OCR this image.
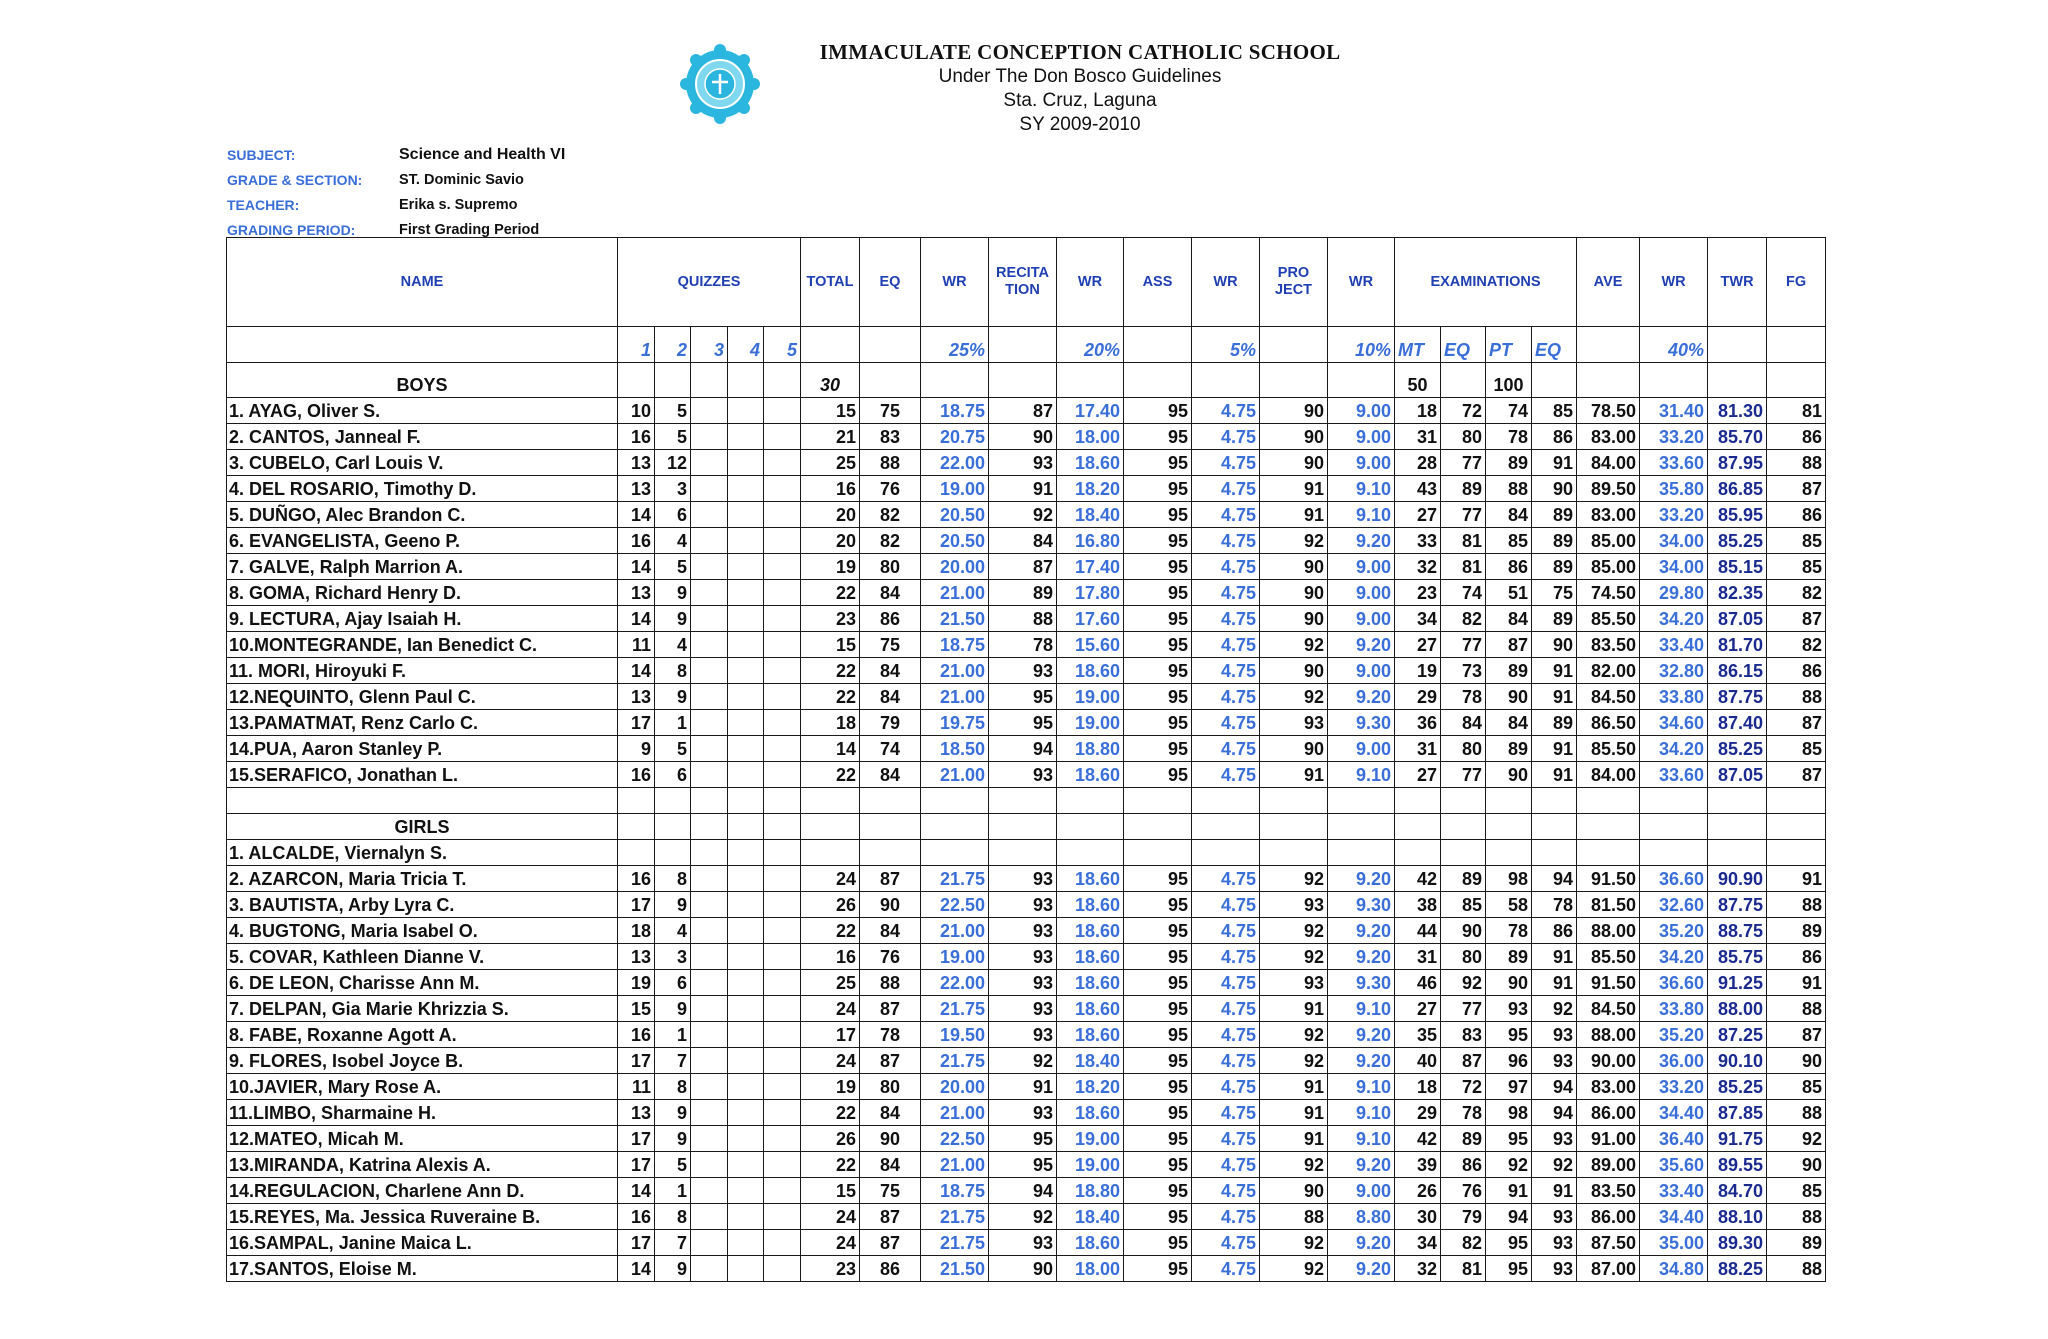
IMMACULATE CONCEPTION CATHOLIC SCHOOL
Under The Don Bosco Guidelines
Sta. Cruz, Laguna
SY 2009-2010
SUBJECT:	Science and Health VI
GRADE & SECTION:	ST. Dominic Savio
TEACHER:	Erika s. Supremo
GRADING PERIOD:	First Grading Period
NAME	QUIZZES					TOTAL	EQ	WR	RECITA TION	WR	ASS	WR	PRO JECT	WR	EXAMINATIONS				AVE	WR	TWR	FG
	1	2	3	4	5			25%		20%		5%		10%	MT	EQ	PT	EQ		40%		
BOYS						30									50		100					
1. AYAG, Oliver S.	10	5				15	75	18.75	87	17.40	95	4.75	90	9.00	18	72	74	85	78.50	31.40	81.30	81
2. CANTOS, Janneal F.	16	5				21	83	20.75	90	18.00	95	4.75	90	9.00	31	80	78	86	83.00	33.20	85.70	86
3. CUBELO, Carl Louis V.	13	12				25	88	22.00	93	18.60	95	4.75	90	9.00	28	77	89	91	84.00	33.60	87.95	88
4. DEL ROSARIO, Timothy D.	13	3				16	76	19.00	91	18.20	95	4.75	91	9.10	43	89	88	90	89.50	35.80	86.85	87
5. DUÑGO, Alec Brandon C.	14	6				20	82	20.50	92	18.40	95	4.75	91	9.10	27	77	84	89	83.00	33.20	85.95	86
6. EVANGELISTA, Geeno P.	16	4				20	82	20.50	84	16.80	95	4.75	92	9.20	33	81	85	89	85.00	34.00	85.25	85
7. GALVE, Ralph Marrion A.	14	5				19	80	20.00	87	17.40	95	4.75	90	9.00	32	81	86	89	85.00	34.00	85.15	85
8. GOMA, Richard Henry D.	13	9				22	84	21.00	89	17.80	95	4.75	90	9.00	23	74	51	75	74.50	29.80	82.35	82
9. LECTURA, Ajay Isaiah H.	14	9				23	86	21.50	88	17.60	95	4.75	90	9.00	34	82	84	89	85.50	34.20	87.05	87
10.MONTEGRANDE, Ian Benedict C.	11	4				15	75	18.75	78	15.60	95	4.75	92	9.20	27	77	87	90	83.50	33.40	81.70	82
11. MORI, Hiroyuki F.	14	8				22	84	21.00	93	18.60	95	4.75	90	9.00	19	73	89	91	82.00	32.80	86.15	86
12.NEQUINTO, Glenn Paul C.	13	9				22	84	21.00	95	19.00	95	4.75	92	9.20	29	78	90	91	84.50	33.80	87.75	88
13.PAMATMAT, Renz Carlo C.	17	1				18	79	19.75	95	19.00	95	4.75	93	9.30	36	84	84	89	86.50	34.60	87.40	87
14.PUA, Aaron Stanley P.	9	5				14	74	18.50	94	18.80	95	4.75	90	9.00	31	80	89	91	85.50	34.20	85.25	85
15.SERAFICO, Jonathan L.	16	6				22	84	21.00	93	18.60	95	4.75	91	9.10	27	77	90	91	84.00	33.60	87.05	87

GIRLS																						
1. ALCALDE, Viernalyn S.																						
2. AZARCON, Maria Tricia T.	16	8				24	87	21.75	93	18.60	95	4.75	92	9.20	42	89	98	94	91.50	36.60	90.90	91
3. BAUTISTA, Arby Lyra C.	17	9				26	90	22.50	93	18.60	95	4.75	93	9.30	38	85	58	78	81.50	32.60	87.75	88
4. BUGTONG, Maria Isabel O.	18	4				22	84	21.00	93	18.60	95	4.75	92	9.20	44	90	78	86	88.00	35.20	88.75	89
5. COVAR, Kathleen Dianne V.	13	3				16	76	19.00	93	18.60	95	4.75	92	9.20	31	80	89	91	85.50	34.20	85.75	86
6. DE LEON, Charisse Ann M.	19	6				25	88	22.00	93	18.60	95	4.75	93	9.30	46	92	90	91	91.50	36.60	91.25	91
7. DELPAN, Gia Marie Khrizzia S.	15	9				24	87	21.75	93	18.60	95	4.75	91	9.10	27	77	93	92	84.50	33.80	88.00	88
8. FABE, Roxanne Agott A.	16	1				17	78	19.50	93	18.60	95	4.75	92	9.20	35	83	95	93	88.00	35.20	87.25	87
9. FLORES, Isobel Joyce B.	17	7				24	87	21.75	92	18.40	95	4.75	92	9.20	40	87	96	93	90.00	36.00	90.10	90
10.JAVIER, Mary Rose A.	11	8				19	80	20.00	91	18.20	95	4.75	91	9.10	18	72	97	94	83.00	33.20	85.25	85
11.LIMBO, Sharmaine H.	13	9				22	84	21.00	93	18.60	95	4.75	91	9.10	29	78	98	94	86.00	34.40	87.85	88
12.MATEO, Micah M.	17	9				26	90	22.50	95	19.00	95	4.75	91	9.10	42	89	95	93	91.00	36.40	91.75	92
13.MIRANDA, Katrina Alexis A.	17	5				22	84	21.00	95	19.00	95	4.75	92	9.20	39	86	92	92	89.00	35.60	89.55	90
14.REGULACION, Charlene Ann D.	14	1				15	75	18.75	94	18.80	95	4.75	90	9.00	26	76	91	91	83.50	33.40	84.70	85
15.REYES, Ma. Jessica Ruveraine B.	16	8				24	87	21.75	92	18.40	95	4.75	88	8.80	30	79	94	93	86.00	34.40	88.10	88
16.SAMPAL, Janine Maica L.	17	7				24	87	21.75	93	18.60	95	4.75	92	9.20	34	82	95	93	87.50	35.00	89.30	89
17.SANTOS, Eloise M.	14	9				23	86	21.50	90	18.00	95	4.75	92	9.20	32	81	95	93	87.00	34.80	88.25	88
